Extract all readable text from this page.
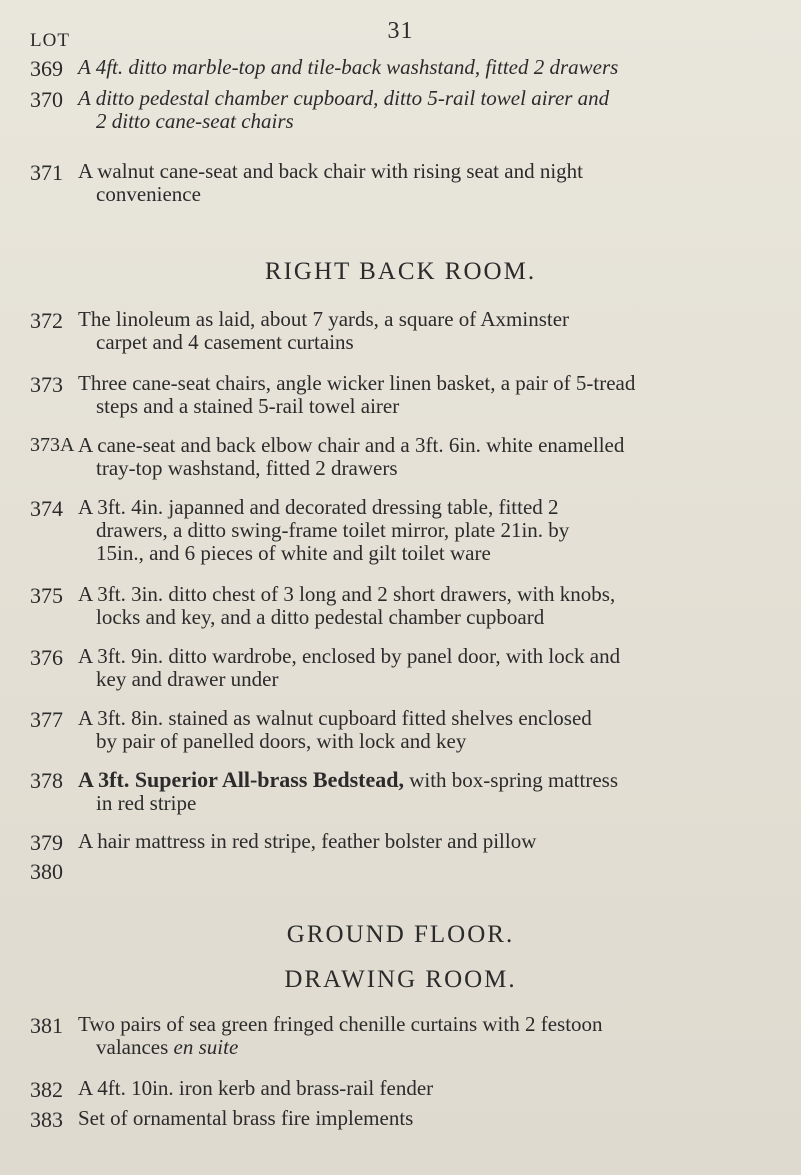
31
LOT
369 A 4ft. ditto marble-top and tile-back washstand, fitted 2 drawers
370 A ditto pedestal chamber cupboard, ditto 5-rail towel airer and
2 ditto cane-seat chairs
371 A walnut cane-seat and back chair with rising seat and night
convenience
RIGHT BACK ROOM.
372 The linoleum as laid, about 7 yards, a square of Axminster
carpet and 4 casement curtains
373 Three cane-seat chairs, angle wicker linen basket, a pair of 5-tread
steps and a stained 5-rail towel airer
373A A cane-seat and back elbow chair and a 3ft. 6in. white enamelled
tray-top washstand, fitted 2 drawers
374 A 3ft. 4in. japanned and decorated dressing table, fitted 2
drawers, a ditto swing-frame toilet mirror, plate 21in. by
15in., and 6 pieces of white and gilt toilet ware
375 A 3ft. 3in. ditto chest of 3 long and 2 short drawers, with knobs,
locks and key, and a ditto pedestal chamber cupboard
376 A 3ft. 9in. ditto wardrobe, enclosed by panel door, with lock and
key and drawer under
377 A 3ft. 8in. stained as walnut cupboard fitted shelves enclosed
by pair of panelled doors, with lock and key
378 A 3ft. Superior All-brass Bedstead, with box-spring mattress
in red stripe
379 A hair mattress in red stripe, feather bolster and pillow
380
GROUND FLOOR.
DRAWING ROOM.
381 Two pairs of sea green fringed chenille curtains with 2 festoon
valances en suite
382 A 4ft. 10in. iron kerb and brass-rail fender
383 Set of ornamental brass fire implements
